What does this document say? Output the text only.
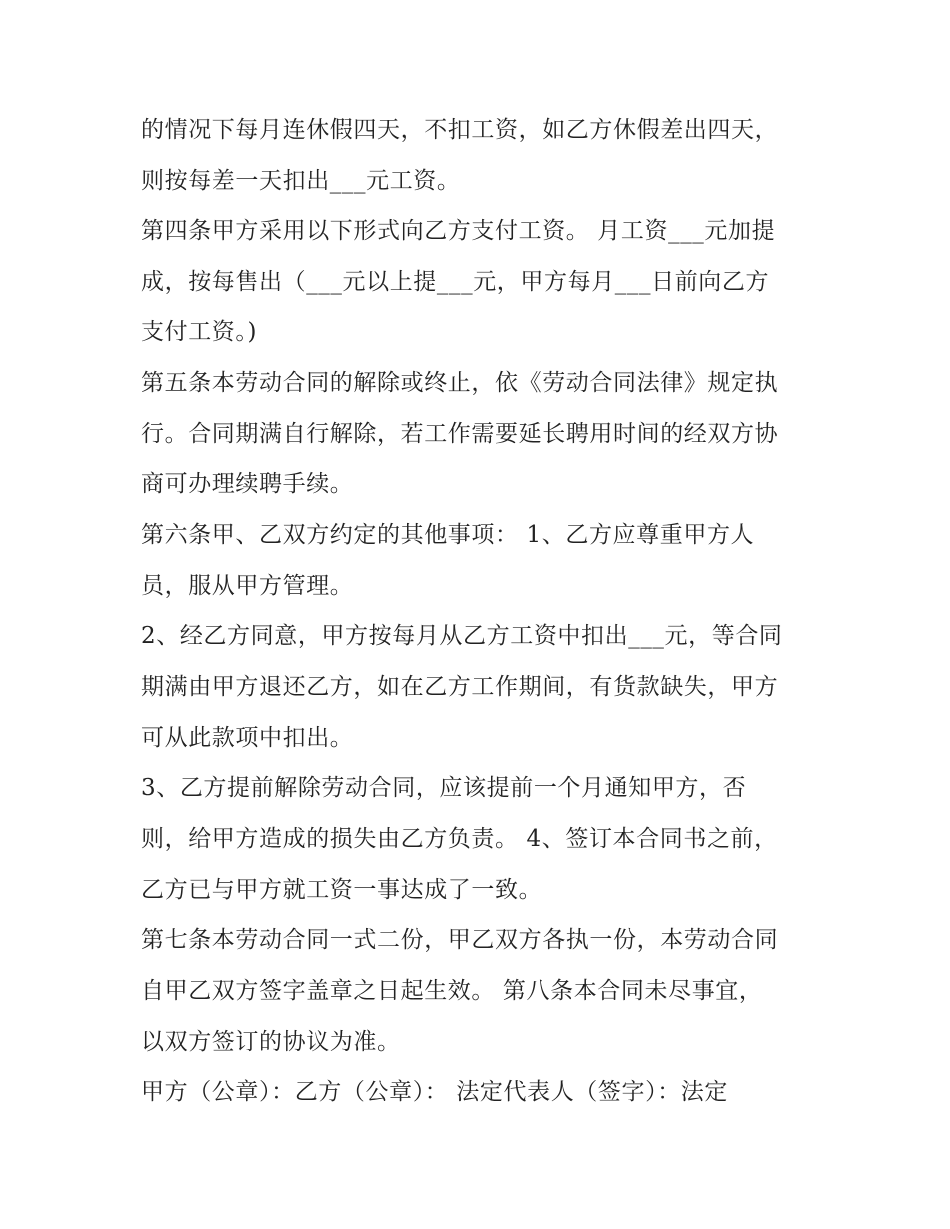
的情况下每月连休假四天，不扣工资，如乙方休假差出四天，
则按每差一天扣出___元工资。
第四条甲方采用以下形式向乙方支付工资。 月工资___元加提
成，按每售出（___元以上提___元，甲方每月___日前向乙方
支付工资。)
第五条本劳动合同的解除或终止，依《劳动合同法律》规定执
行。合同期满自行解除，若工作需要延长聘用时间的经双方协
商可办理续聘手续。
第六条甲、乙双方约定的其他事项： 1、乙方应尊重甲方人
员，服从甲方管理。
2、经乙方同意，甲方按每月从乙方工资中扣出___元，等合同
期满由甲方退还乙方，如在乙方工作期间，有货款缺失，甲方
可从此款项中扣出。
3、乙方提前解除劳动合同，应该提前一个月通知甲方，否
则，给甲方造成的损失由乙方负责。 4、签订本合同书之前，
乙方已与甲方就工资一事达成了一致。
第七条本劳动合同一式二份，甲乙双方各执一份，本劳动合同
自甲乙双方签字盖章之日起生效。 第八条本合同未尽事宜，
以双方签订的协议为准。
甲方（公章）：乙方（公章）： 法定代表人（签字）：法定
